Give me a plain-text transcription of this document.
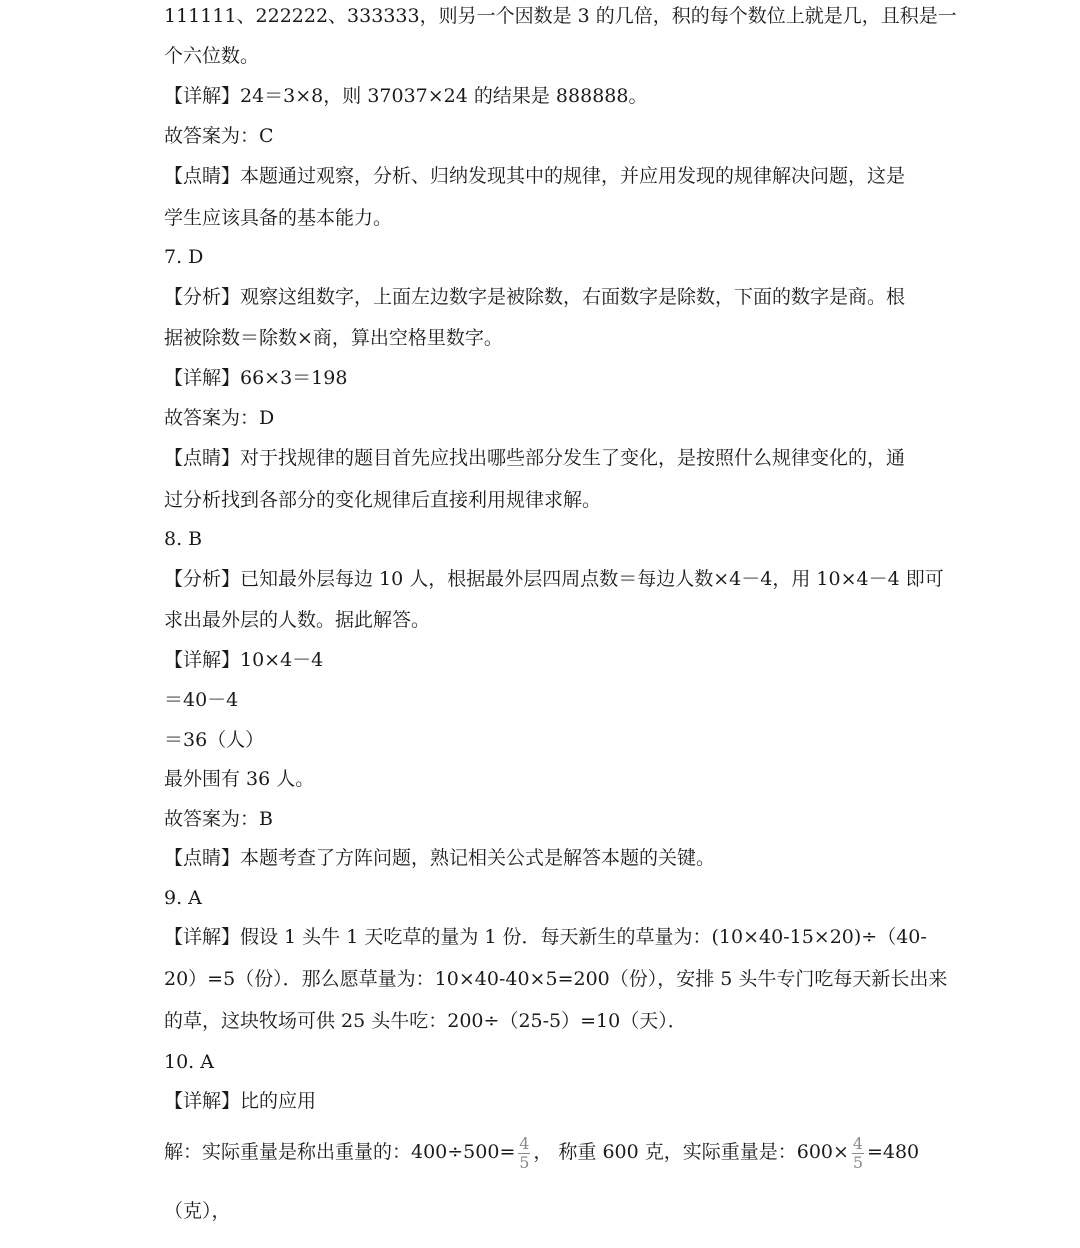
111111、222222、333333，则另一个因数是 3 的几倍，积的每个数位上就是几，且积是一
个六位数。
【详解】24＝3×8，则 37037×24 的结果是 888888。
故答案为：C
【点睛】本题通过观察，分析、归纳发现其中的规律，并应用发现的规律解决问题，这是
学生应该具备的基本能力。
7. D
【分析】观察这组数字，上面左边数字是被除数，右面数字是除数，下面的数字是商。根
据被除数＝除数×商，算出空格里数字。
【详解】66×3＝198
故答案为：D
【点睛】对于找规律的题目首先应找出哪些部分发生了变化，是按照什么规律变化的，通
过分析找到各部分的变化规律后直接利用规律求解。
8. B
【分析】已知最外层每边 10 人，根据最外层四周点数＝每边人数×4－4，用 10×4－4 即可
求出最外层的人数。据此解答。
【详解】10×4－4
＝40－4
＝36（人）
最外围有 36 人。
故答案为：B
【点睛】本题考查了方阵问题，熟记相关公式是解答本题的关键。
9. A
【详解】假设 1 头牛 1 天吃草的量为 1 份．每天新生的草量为：(10×40-15×20)÷（40-
20）=5（份）．那么愿草量为：10×40-40×5=200（份），安排 5 头牛专门吃每天新长出来
的草，这块牧场可供 25 头牛吃：200÷（25-5）=10（天）．
10. A
【详解】比的应用
解：实际重量是称出重量的：$400\div 500= \frac{4}{5}$ ， 称重 600 克，实际重量是：$600\times \frac{4}{5} =480$
（克），
